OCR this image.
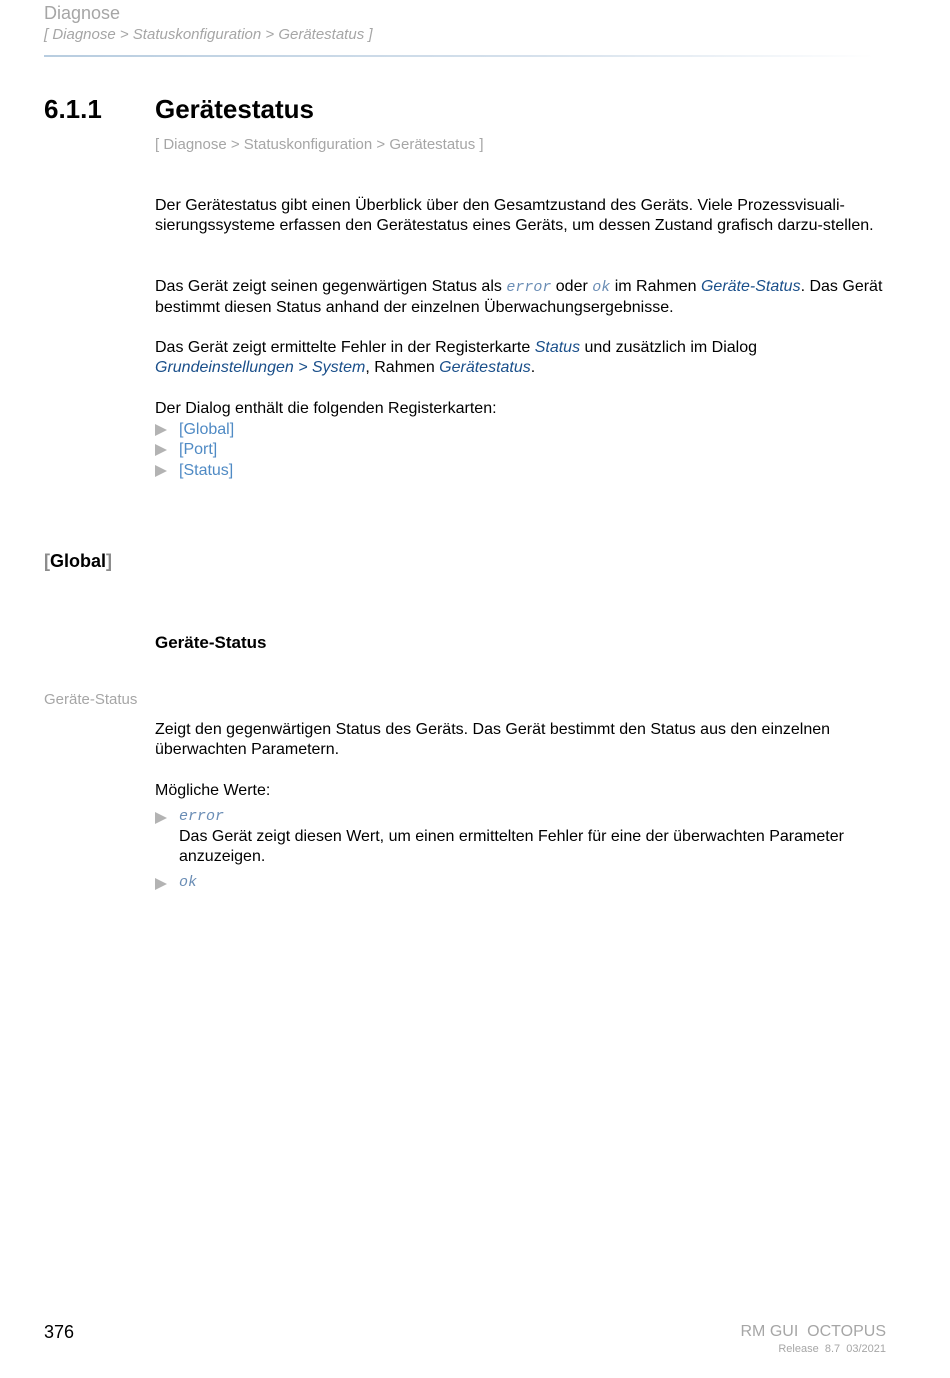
Diagnose
[ Diagnose > Statuskonfiguration > Gerätestatus ]
6.1.1 Gerätestatus
[ Diagnose > Statuskonfiguration > Gerätestatus ]

Der Gerätestatus gibt einen Überblick über den Gesamtzustand des Geräts. Viele Prozessvisuali-sierungssysteme erfassen den Gerätestatus eines Geräts, um dessen Zustand grafisch darzu-stellen.

Das Gerät zeigt seinen gegenwärtigen Status als error oder ok im Rahmen Geräte-Status. Das Gerät bestimmt diesen Status anhand der einzelnen Überwachungsergebnisse.

Das Gerät zeigt ermittelte Fehler in der Registerkarte Status und zusätzlich im Dialog
Grundeinstellungen > System, Rahmen Gerätestatus.

Der Dialog enthält die folgenden Registerkarten:

[Global]
[Port]
[Status]
[Global]
Geräte-Status
Geräte-Status

Zeigt den gegenwärtigen Status des Geräts. Das Gerät bestimmt den Status aus den einzelnen überwachten Parametern.

Mögliche Werte:

error
Das Gerät zeigt diesen Wert, um einen ermittelten Fehler für eine der überwachten Parameter anzuzeigen.
ok
376	RM GUI  OCTOPUS
Release  8.7  03/2021
